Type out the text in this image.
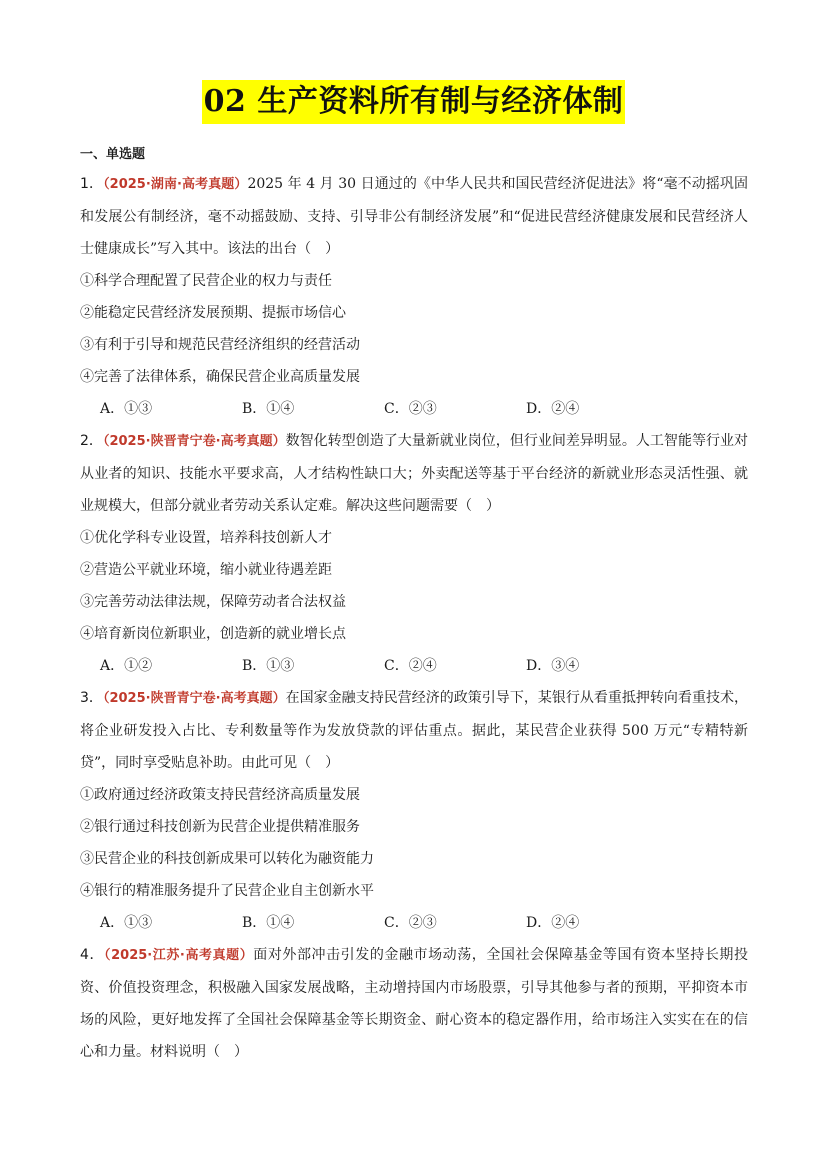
02 生产资料所有制与经济体制
一、单选题
1．（2025·湖南·高考真题）2025 年 4 月 30 日通过的《中华人民共和国民营经济促进法》将“毫不动摇巩固和发展公有制经济，毫不动摇鼓励、支持、引导非公有制经济发展”和“促进民营经济健康发展和民营经济人士健康成长”写入其中。该法的出台（　）
①科学合理配置了民营企业的权力与责任
②能稳定民营经济发展预期、提振市场信心
③有利于引导和规范民营经济组织的经营活动
④完善了法律体系，确保民营企业高质量发展
A．①③	B．①④	C．②③	D．②④
2．（2025·陕晋青宁卷·高考真题）数智化转型创造了大量新就业岗位，但行业间差异明显。人工智能等行业对从业者的知识、技能水平要求高，人才结构性缺口大；外卖配送等基于平台经济的新就业形态灵活性强、就业规模大，但部分就业者劳动关系认定难。解决这些问题需要（　）
①优化学科专业设置，培养科技创新人才
②营造公平就业环境，缩小就业待遇差距
③完善劳动法律法规，保障劳动者合法权益
④培育新岗位新职业，创造新的就业增长点
A．①②	B．①③	C．②④	D．③④
3．（2025·陕晋青宁卷·高考真题）在国家金融支持民营经济的政策引导下，某银行从看重抵押转向看重技术，将企业研发投入占比、专利数量等作为发放贷款的评估重点。据此，某民营企业获得 500 万元“专精特新贷”，同时享受贴息补助。由此可见（　）
①政府通过经济政策支持民营经济高质量发展
②银行通过科技创新为民营企业提供精准服务
③民营企业的科技创新成果可以转化为融资能力
④银行的精准服务提升了民营企业自主创新水平
A．①③	B．①④	C．②③	D．②④
4．（2025·江苏·高考真题）面对外部冲击引发的金融市场动荡，全国社会保障基金等国有资本坚持长期投资、价值投资理念，积极融入国家发展战略，主动增持国内市场股票，引导其他参与者的预期，平抑资本市场的风险，更好地发挥了全国社会保障基金等长期资金、耐心资本的稳定器作用，给市场注入实实在在的信心和力量。材料说明（　）
